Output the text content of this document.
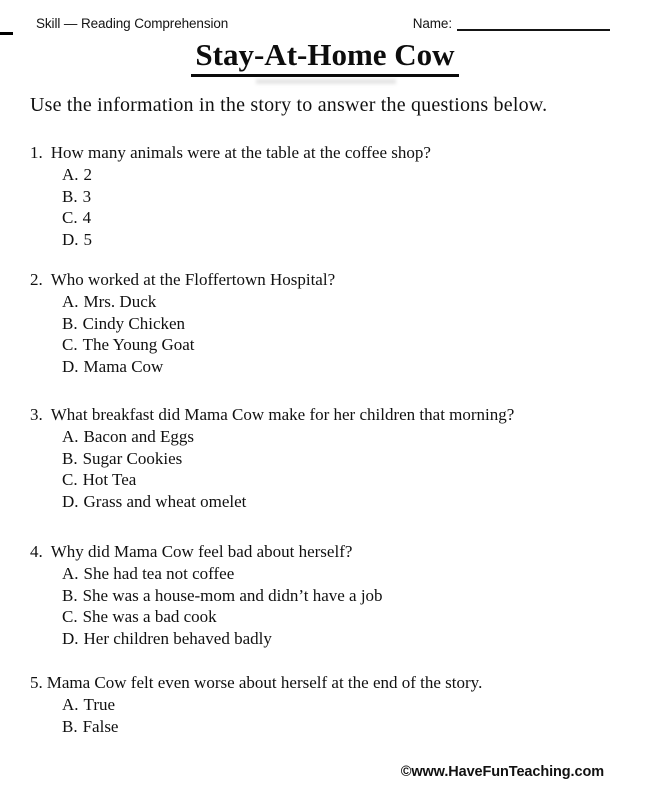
Skill — Reading Comprehension	Name:
Stay-At-Home Cow
Use the information in the story to answer the questions below.
1. How many animals were at the table at the coffee shop?
A. 2
B. 3
C. 4
D. 5
2. Who worked at the Floffertown Hospital?
A. Mrs. Duck
B. Cindy Chicken
C. The Young Goat
D. Mama Cow
3. What breakfast did Mama Cow make for her children that morning?
A. Bacon and Eggs
B. Sugar Cookies
C. Hot Tea
D. Grass and wheat omelet
4. Why did Mama Cow feel bad about herself?
A. She had tea not coffee
B. She was a house-mom and didn’t have a job
C. She was a bad cook
D. Her children behaved badly
5. Mama Cow felt even worse about herself at the end of the story.
A. True
B. False
©www.HaveFunTeaching.com
